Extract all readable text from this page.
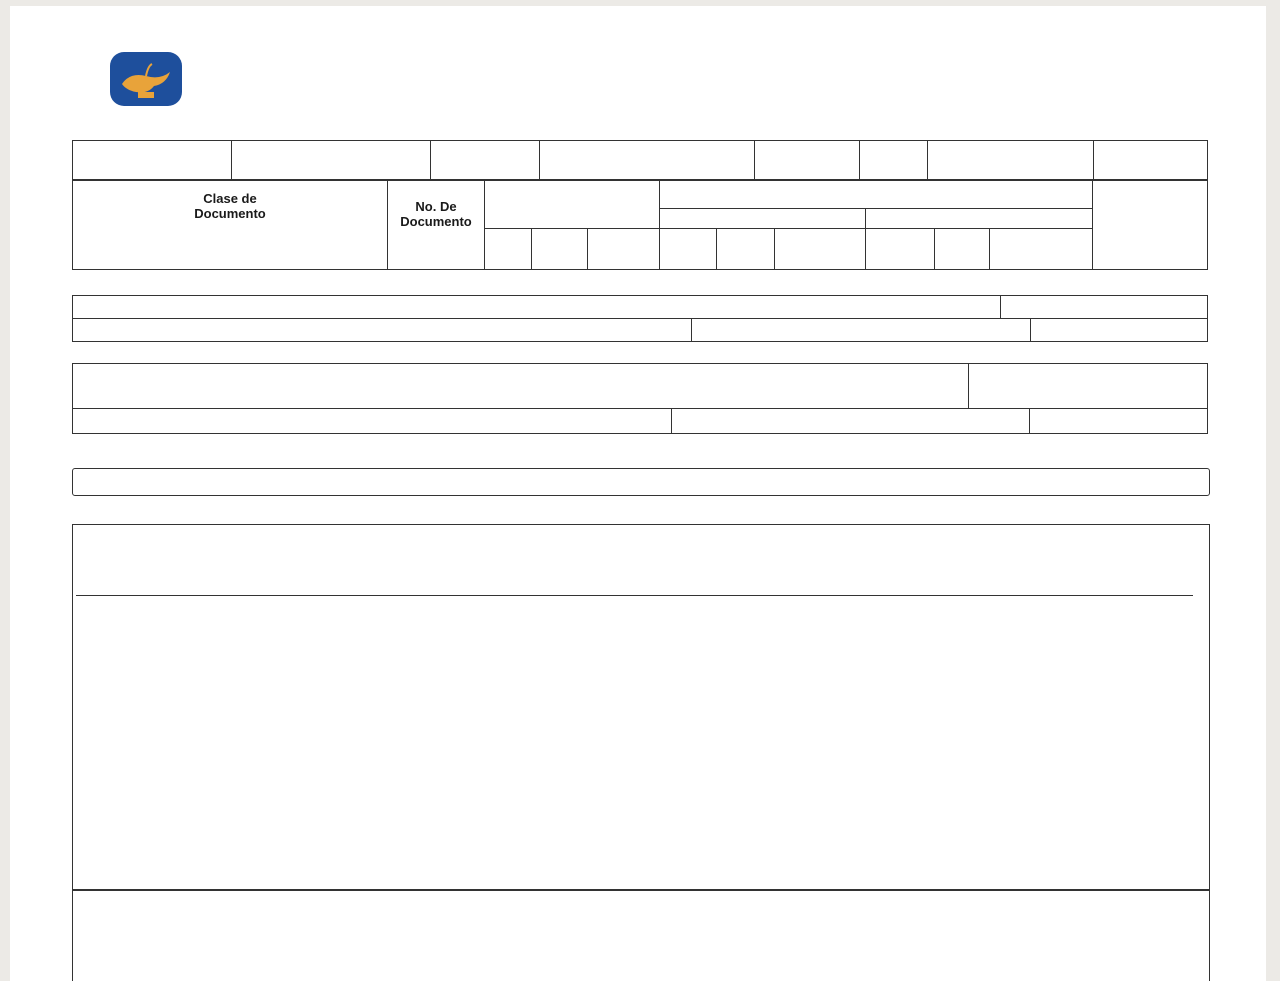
Clase de
Documento	No. De
Documento
